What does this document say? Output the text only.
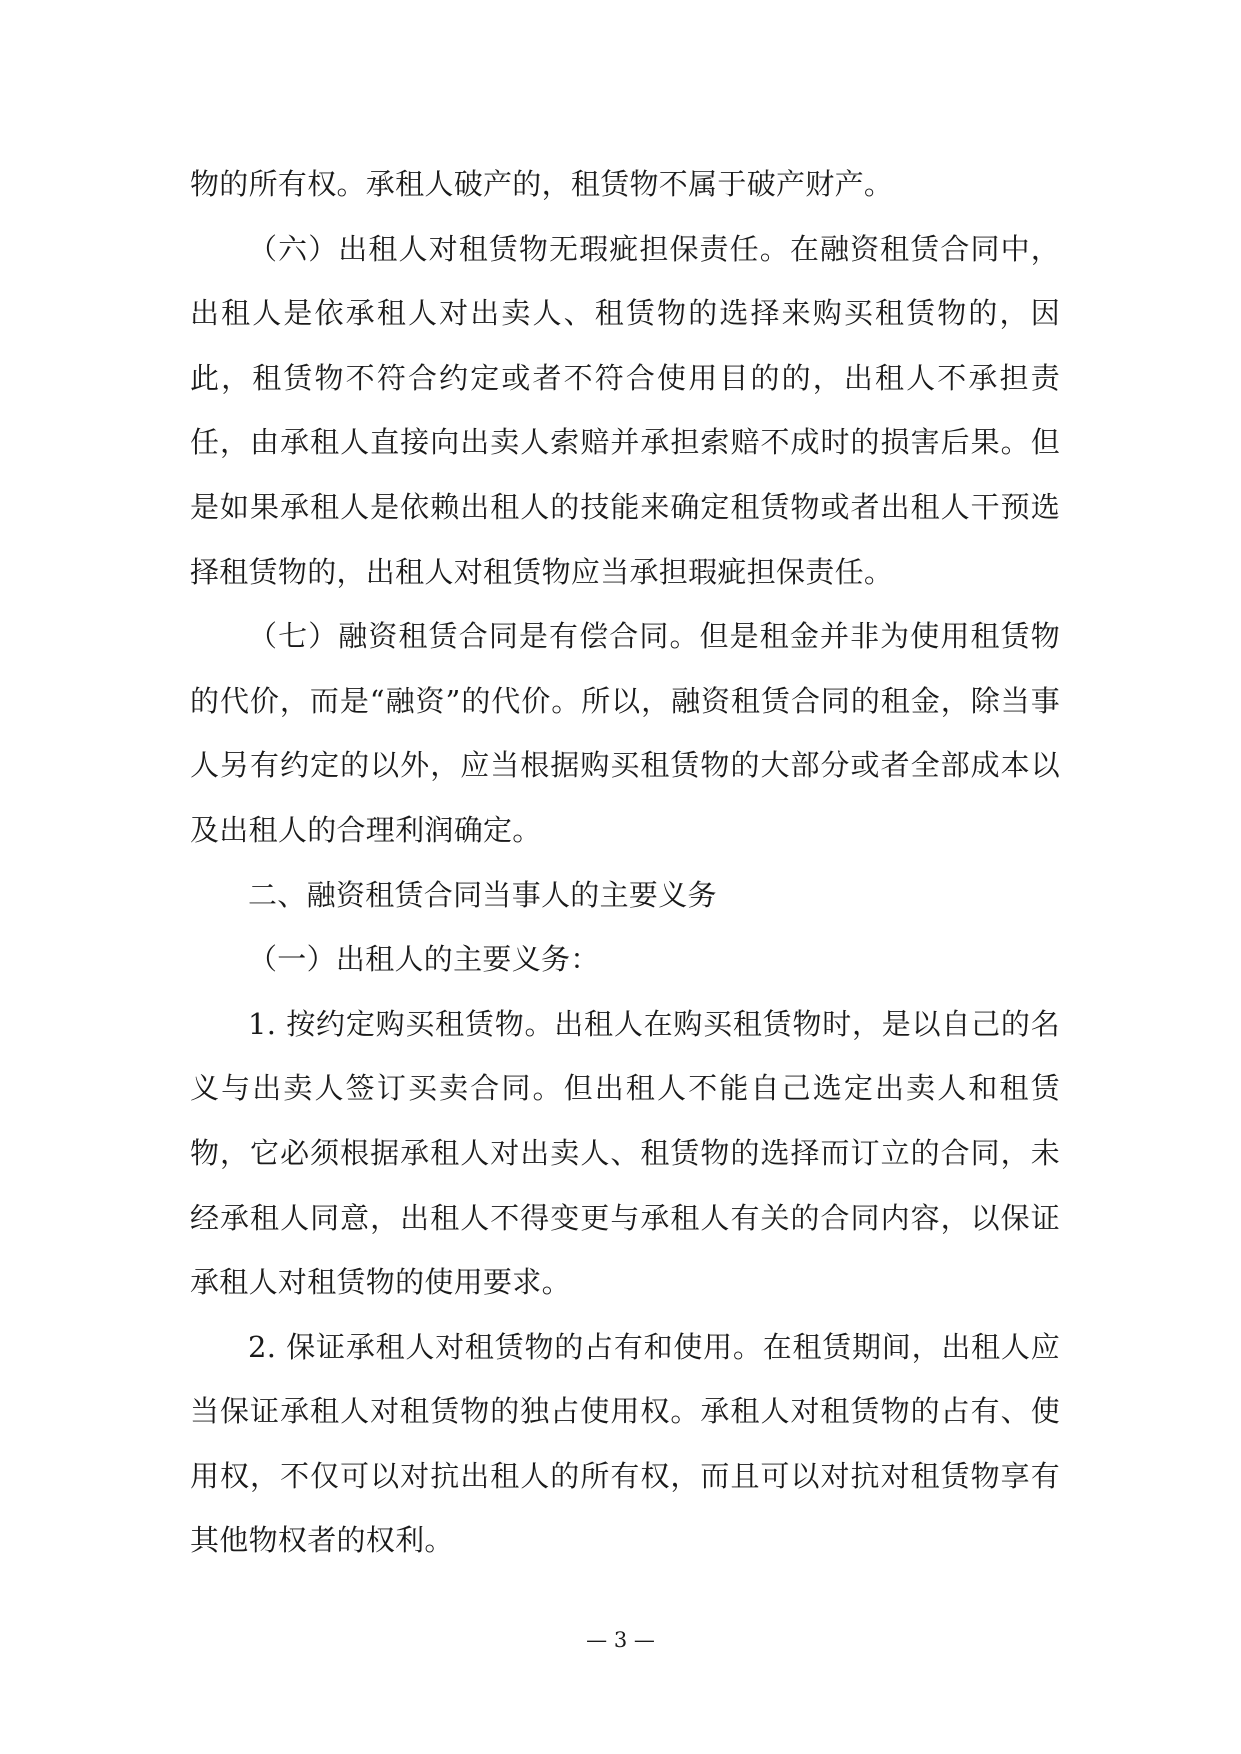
物的所有权。承租人破产的，租赁物不属于破产财产。

（六）出租人对租赁物无瑕疵担保责任。在融资租赁合同中，出租人是依承租人对出卖人、租赁物的选择来购买租赁物的，因此，租赁物不符合约定或者不符合使用目的的，出租人不承担责任，由承租人直接向出卖人索赔并承担索赔不成时的损害后果。但是如果承租人是依赖出租人的技能来确定租赁物或者出租人干预选择租赁物的，出租人对租赁物应当承担瑕疵担保责任。

（七）融资租赁合同是有偿合同。但是租金并非为使用租赁物的代价，而是“融资”的代价。所以，融资租赁合同的租金，除当事人另有约定的以外，应当根据购买租赁物的大部分或者全部成本以及出租人的合理利润确定。

二、融资租赁合同当事人的主要义务

（一）出租人的主要义务：

1. 按约定购买租赁物。出租人在购买租赁物时，是以自己的名义与出卖人签订买卖合同。但出租人不能自己选定出卖人和租赁物，它必须根据承租人对出卖人、租赁物的选择而订立的合同，未经承租人同意，出租人不得变更与承租人有关的合同内容，以保证承租人对租赁物的使用要求。

2. 保证承租人对租赁物的占有和使用。在租赁期间，出租人应当保证承租人对租赁物的独占使用权。承租人对租赁物的占有、使用权，不仅可以对抗出租人的所有权，而且可以对抗对租赁物享有其他物权者的权利。

— 3 —
